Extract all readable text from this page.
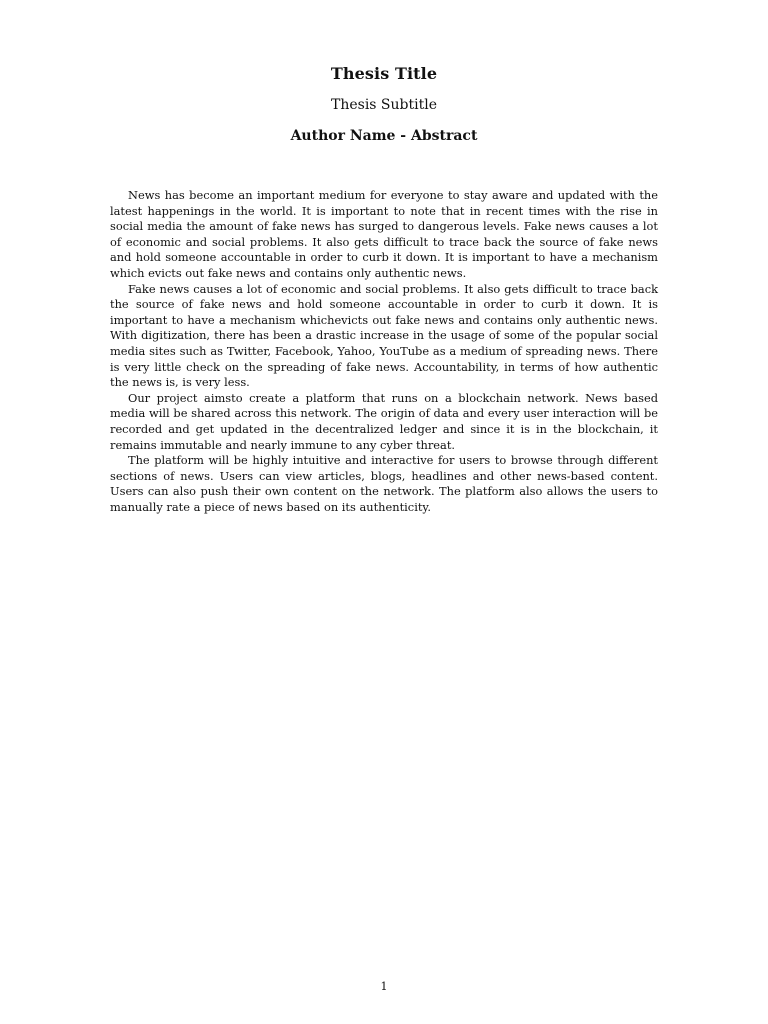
Thesis Title
Thesis Subtitle
Author Name - Abstract

News has become an important medium for everyone to stay aware and updated with the latest happenings in the world. It is important to note that in recent times with the rise in social media the amount of fake news has surged to dangerous levels. Fake news causes a lot of economic and social problems. It also gets difficult to trace back the source of fake news and hold someone accountable in order to curb it down. It is important to have a mechanism which evicts out fake news and contains only authentic news.

Fake news causes a lot of economic and social problems. It also gets difficult to trace back the source of fake news and hold someone accountable in order to curb it down. It is important to have a mechanism whichevicts out fake news and contains only authentic news. With digitization, there has been a drastic increase in the usage of some of the popular social media sites such as Twitter, Facebook, Yahoo, YouTube as a medium of spreading news. There is very little check on the spreading of fake news. Accountability, in terms of how authentic the news is, is very less.

Our project aimsto create a platform that runs on a blockchain network. News based media will be shared across this network. The origin of data and every user interaction will be recorded and get updated in the decentralized ledger and since it is in the blockchain, it remains immutable and nearly immune to any cyber threat.

The platform will be highly intuitive and interactive for users to browse through different sections of news. Users can view articles, blogs, headlines and other news-based content. Users can also push their own content on the network. The platform also allows the users to manually rate a piece of news based on its authenticity.

1
